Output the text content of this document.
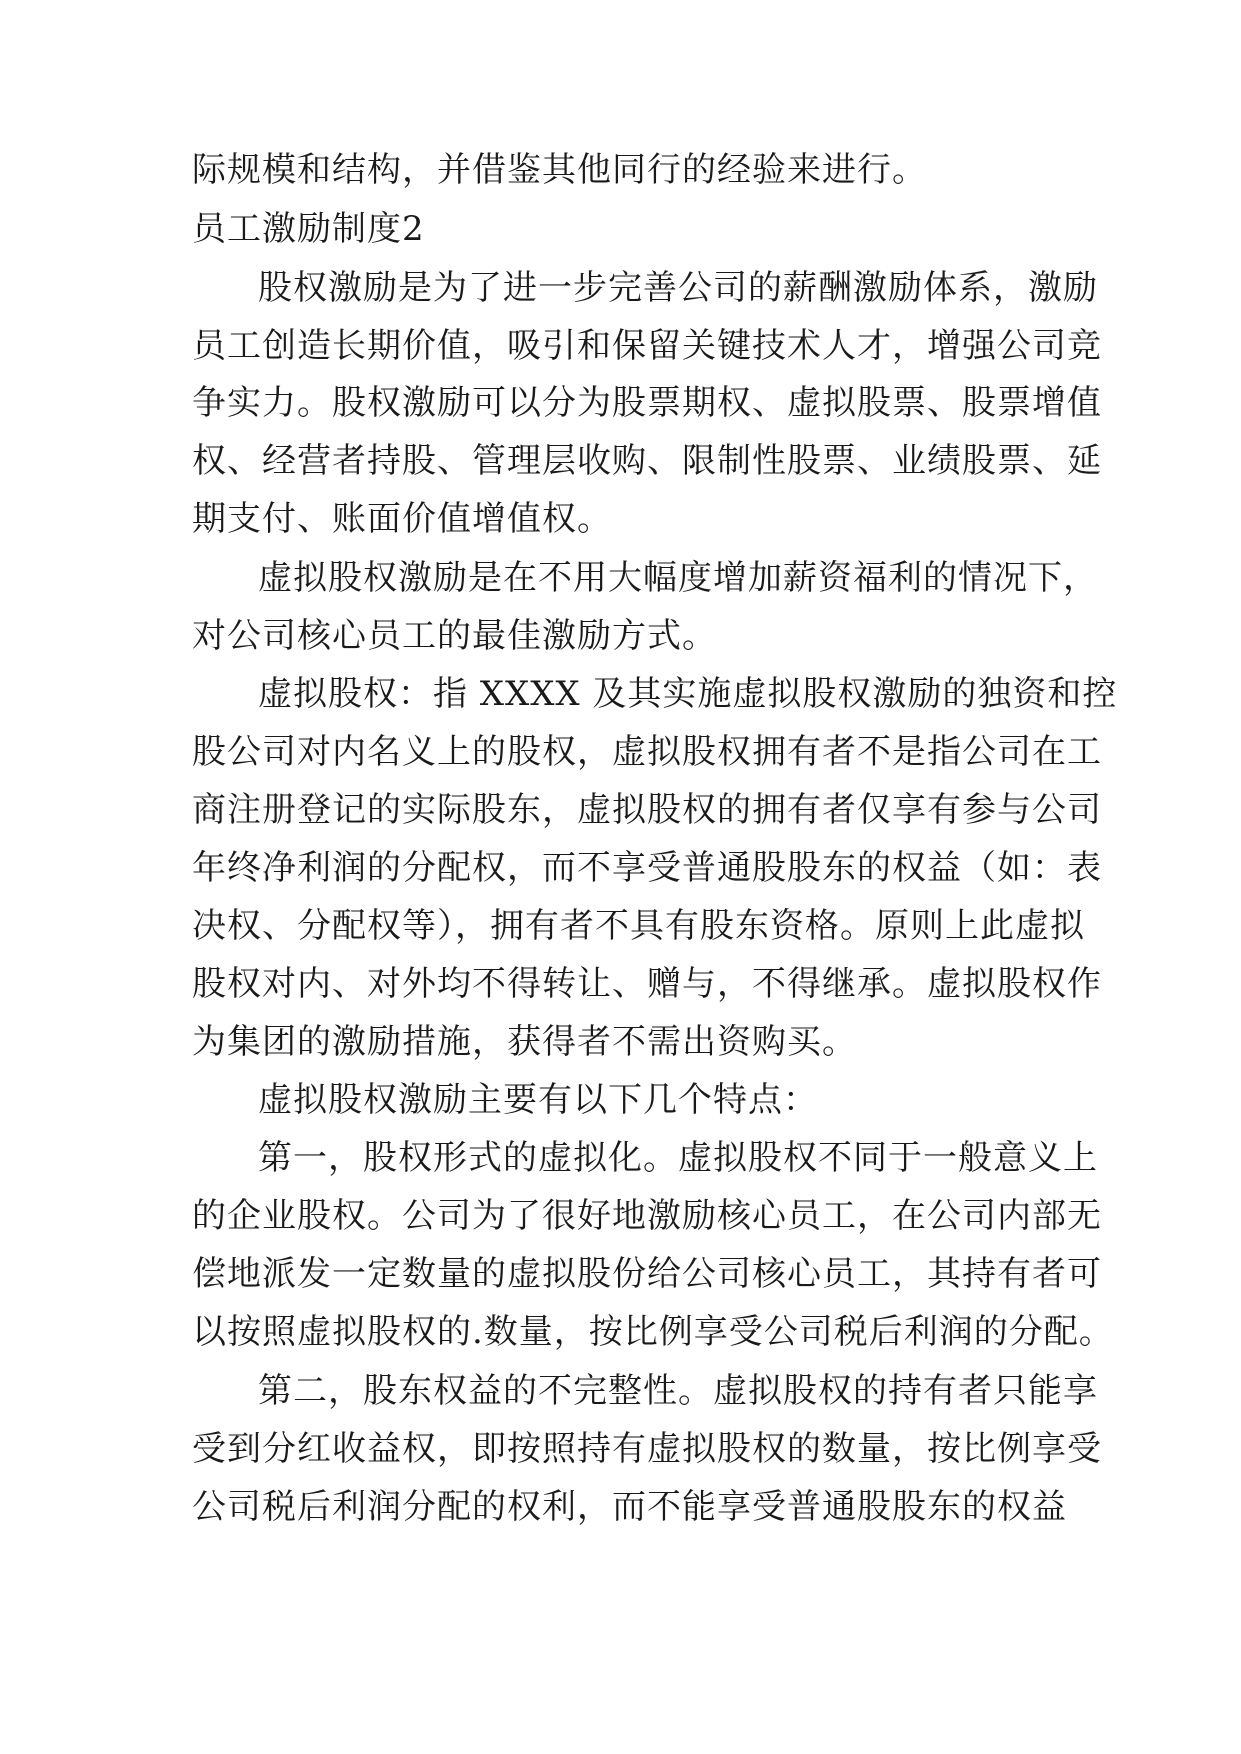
际规模和结构，并借鉴其他同行的经验来进行。
员工激励制度2
股权激励是为了进一步完善公司的薪酬激励体系，激励
员工创造长期价值，吸引和保留关键技术人才，增强公司竞
争实力。股权激励可以分为股票期权、虚拟股票、股票增值
权、经营者持股、管理层收购、限制性股票、业绩股票、延
期支付、账面价值增值权。
虚拟股权激励是在不用大幅度增加薪资福利的情况下，
对公司核心员工的最佳激励方式。
虚拟股权：指 XXXX 及其实施虚拟股权激励的独资和控
股公司对内名义上的股权，虚拟股权拥有者不是指公司在工
商注册登记的实际股东，虚拟股权的拥有者仅享有参与公司
年终净利润的分配权，而不享受普通股股东的权益（如：表
决权、分配权等），拥有者不具有股东资格。原则上此虚拟
股权对内、对外均不得转让、赠与，不得继承。虚拟股权作
为集团的激励措施，获得者不需出资购买。
虚拟股权激励主要有以下几个特点：
第一，股权形式的虚拟化。虚拟股权不同于一般意义上
的企业股权。公司为了很好地激励核心员工，在公司内部无
偿地派发一定数量的虚拟股份给公司核心员工，其持有者可
以按照虚拟股权的.数量，按比例享受公司税后利润的分配。
第二，股东权益的不完整性。虚拟股权的持有者只能享
受到分红收益权，即按照持有虚拟股权的数量，按比例享受
公司税后利润分配的权利，而不能享受普通股股东的权益
